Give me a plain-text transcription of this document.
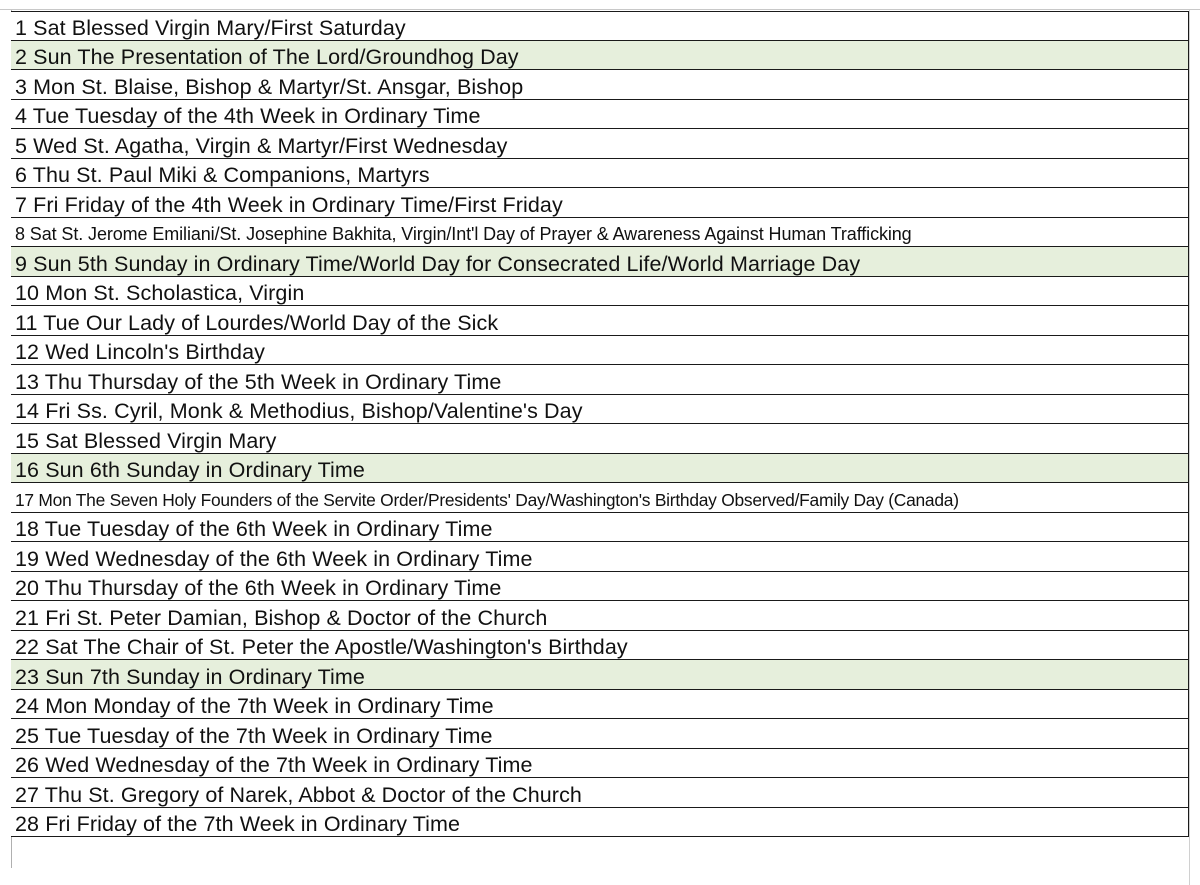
1 Sat Blessed Virgin Mary/First Saturday
2 Sun The Presentation of The Lord/Groundhog Day
3 Mon St. Blaise, Bishop & Martyr/St. Ansgar, Bishop
4 Tue Tuesday of the 4th Week in Ordinary Time
5 Wed St. Agatha, Virgin & Martyr/First Wednesday
6 Thu St. Paul Miki & Companions, Martyrs
7 Fri Friday of the 4th Week in Ordinary Time/First Friday
8 Sat St. Jerome Emiliani/St. Josephine Bakhita, Virgin/Int'l Day of Prayer & Awareness Against Human Trafficking
9 Sun 5th Sunday in Ordinary Time/World Day for Consecrated Life/World Marriage Day
10 Mon St. Scholastica, Virgin
11 Tue Our Lady of Lourdes/World Day of the Sick
12 Wed Lincoln's Birthday
13 Thu Thursday of the 5th Week in Ordinary Time
14 Fri Ss. Cyril, Monk & Methodius, Bishop/Valentine's Day
15 Sat Blessed Virgin Mary
16 Sun 6th Sunday in Ordinary Time
17 Mon The Seven Holy Founders of the Servite Order/Presidents' Day/Washington's Birthday Observed/Family Day (Canada)
18 Tue Tuesday of the 6th Week in Ordinary Time
19 Wed Wednesday of the 6th Week in Ordinary Time
20 Thu Thursday of the 6th Week in Ordinary Time
21 Fri St. Peter Damian, Bishop & Doctor of the Church
22 Sat The Chair of St. Peter the Apostle/Washington's Birthday
23 Sun 7th Sunday in Ordinary Time
24 Mon Monday of the 7th Week in Ordinary Time
25 Tue Tuesday of the 7th Week in Ordinary Time
26 Wed Wednesday of the 7th Week in Ordinary Time
27 Thu St. Gregory of Narek, Abbot & Doctor of the Church
28 Fri Friday of the 7th Week in Ordinary Time
